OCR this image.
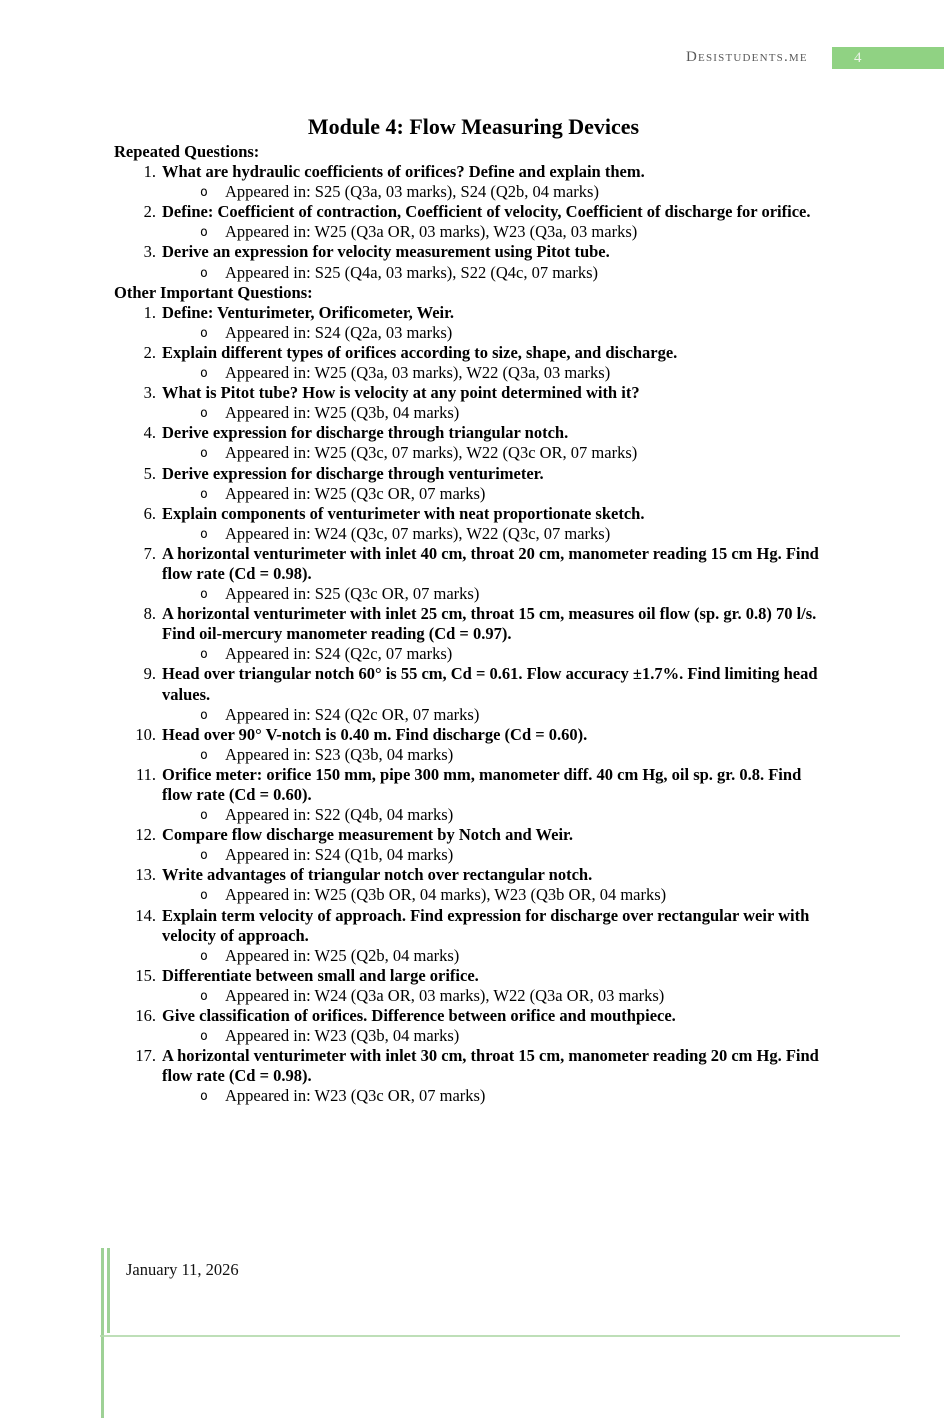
Desistudents.me	4
Module 4: Flow Measuring Devices
Repeated Questions:
1. What are hydraulic coefficients of orifices? Define and explain them.
o Appeared in: S25 (Q3a, 03 marks), S24 (Q2b, 04 marks)
2. Define: Coefficient of contraction, Coefficient of velocity, Coefficient of discharge for orifice.
o Appeared in: W25 (Q3a OR, 03 marks), W23 (Q3a, 03 marks)
3. Derive an expression for velocity measurement using Pitot tube.
o Appeared in: S25 (Q4a, 03 marks), S22 (Q4c, 07 marks)
Other Important Questions:
1. Define: Venturimeter, Orificometer, Weir.
o Appeared in: S24 (Q2a, 03 marks)
2. Explain different types of orifices according to size, shape, and discharge.
o Appeared in: W25 (Q3a, 03 marks), W22 (Q3a, 03 marks)
3. What is Pitot tube? How is velocity at any point determined with it?
o Appeared in: W25 (Q3b, 04 marks)
4. Derive expression for discharge through triangular notch.
o Appeared in: W25 (Q3c, 07 marks), W22 (Q3c OR, 07 marks)
5. Derive expression for discharge through venturimeter.
o Appeared in: W25 (Q3c OR, 07 marks)
6. Explain components of venturimeter with neat proportionate sketch.
o Appeared in: W24 (Q3c, 07 marks), W22 (Q3c, 07 marks)
7. A horizontal venturimeter with inlet 40 cm, throat 20 cm, manometer reading 15 cm Hg. Find flow rate (Cd = 0.98).
o Appeared in: S25 (Q3c OR, 07 marks)
8. A horizontal venturimeter with inlet 25 cm, throat 15 cm, measures oil flow (sp. gr. 0.8) 70 l/s. Find oil-mercury manometer reading (Cd = 0.97).
o Appeared in: S24 (Q2c, 07 marks)
9. Head over triangular notch 60° is 55 cm, Cd = 0.61. Flow accuracy ±1.7%. Find limiting head values.
o Appeared in: S24 (Q2c OR, 07 marks)
10. Head over 90° V-notch is 0.40 m. Find discharge (Cd = 0.60).
o Appeared in: S23 (Q3b, 04 marks)
11. Orifice meter: orifice 150 mm, pipe 300 mm, manometer diff. 40 cm Hg, oil sp. gr. 0.8. Find flow rate (Cd = 0.60).
o Appeared in: S22 (Q4b, 04 marks)
12. Compare flow discharge measurement by Notch and Weir.
o Appeared in: S24 (Q1b, 04 marks)
13. Write advantages of triangular notch over rectangular notch.
o Appeared in: W25 (Q3b OR, 04 marks), W23 (Q3b OR, 04 marks)
14. Explain term velocity of approach. Find expression for discharge over rectangular weir with velocity of approach.
o Appeared in: W25 (Q2b, 04 marks)
15. Differentiate between small and large orifice.
o Appeared in: W24 (Q3a OR, 03 marks), W22 (Q3a OR, 03 marks)
16. Give classification of orifices. Difference between orifice and mouthpiece.
o Appeared in: W23 (Q3b, 04 marks)
17. A horizontal venturimeter with inlet 30 cm, throat 15 cm, manometer reading 20 cm Hg. Find flow rate (Cd = 0.98).
o Appeared in: W23 (Q3c OR, 07 marks)
January 11, 2026
